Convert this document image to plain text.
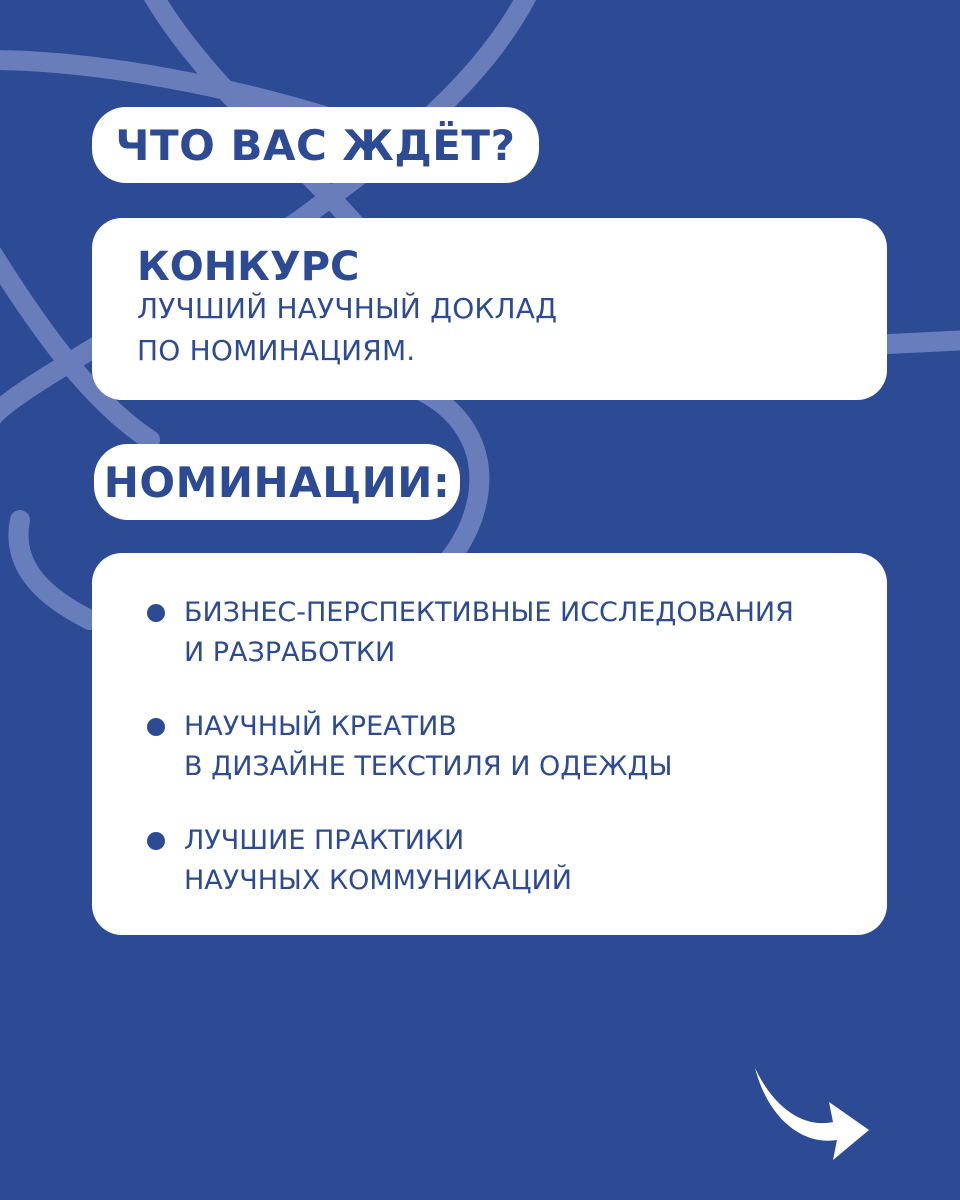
ЧТО ВАС ЖДЁТ?
КОНКУРС
ЛУЧШИЙ НАУЧНЫЙ ДОКЛАД
ПО НОМИНАЦИЯМ.
НОМИНАЦИИ:
БИЗНЕС-ПЕРСПЕКТИВНЫЕ ИССЛЕДОВАНИЯ
И РАЗРАБОТКИ
НАУЧНЫЙ КРЕАТИВ
В ДИЗАЙНЕ ТЕКСТИЛЯ И ОДЕЖДЫ
ЛУЧШИЕ ПРАКТИКИ
НАУЧНЫХ КОММУНИКАЦИЙ
